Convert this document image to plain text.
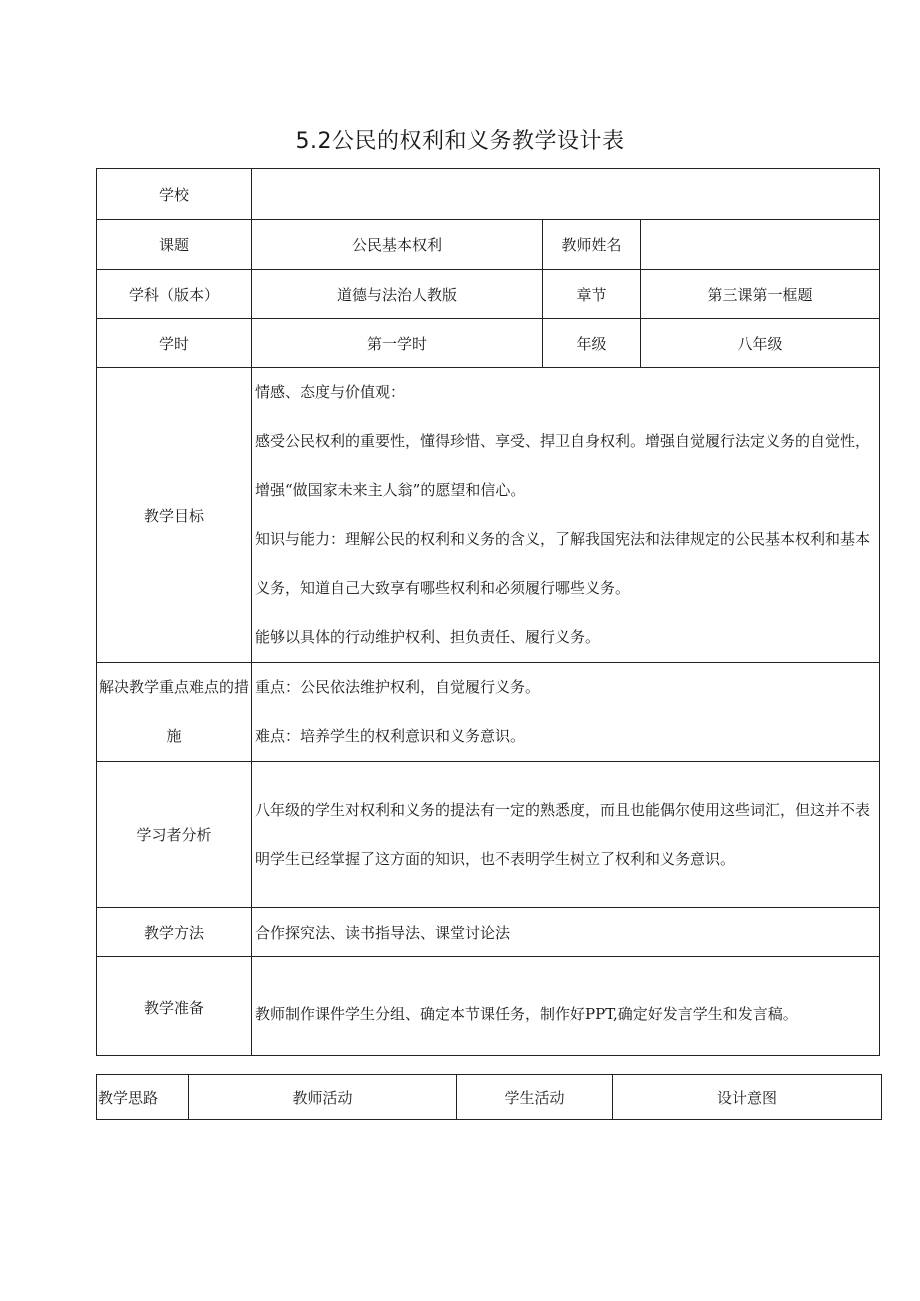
5.2公民的权利和义务教学设计表
学校			
课题	公民基本权利	教师姓名	
学科（版本）	道德与法治人教版	章节	第三课第一框题
学时	第一学时	年级	八年级
教学目标	情感、态度与价值观：

感受公民权利的重要性，懂得珍惜、享受、捍卫自身权利。增强自觉履行法定义务的自觉性，增强“做国家未来主人翁”的愿望和信心。

知识与能力：理解公民的权利和义务的含义，了解我国宪法和法律规定的公民基本权利和基本义务，知道自己大致享有哪些权利和必须履行哪些义务。

能够以具体的行动维护权利、担负责任、履行义务。		

解决教学重点难点的措施	重点：公民依法维护权利，自觉履行义务。

难点：培养学生的权利意识和义务意识。		

学习者分析	八年级的学生对权利和义务的提法有一定的熟悉度，而且也能偶尔使用这些词汇，但这并不表明学生已经掌握了这方面的知识，也不表明学生树立了权利和义务意识。		
教学方法	合作探究法、读书指导法、课堂讨论法		
教学准备	教师制作课件学生分组、确定本节课任务，制作好PPT,确定好发言学生和发言稿。		
教学思路	教师活动	学生活动	设计意图
